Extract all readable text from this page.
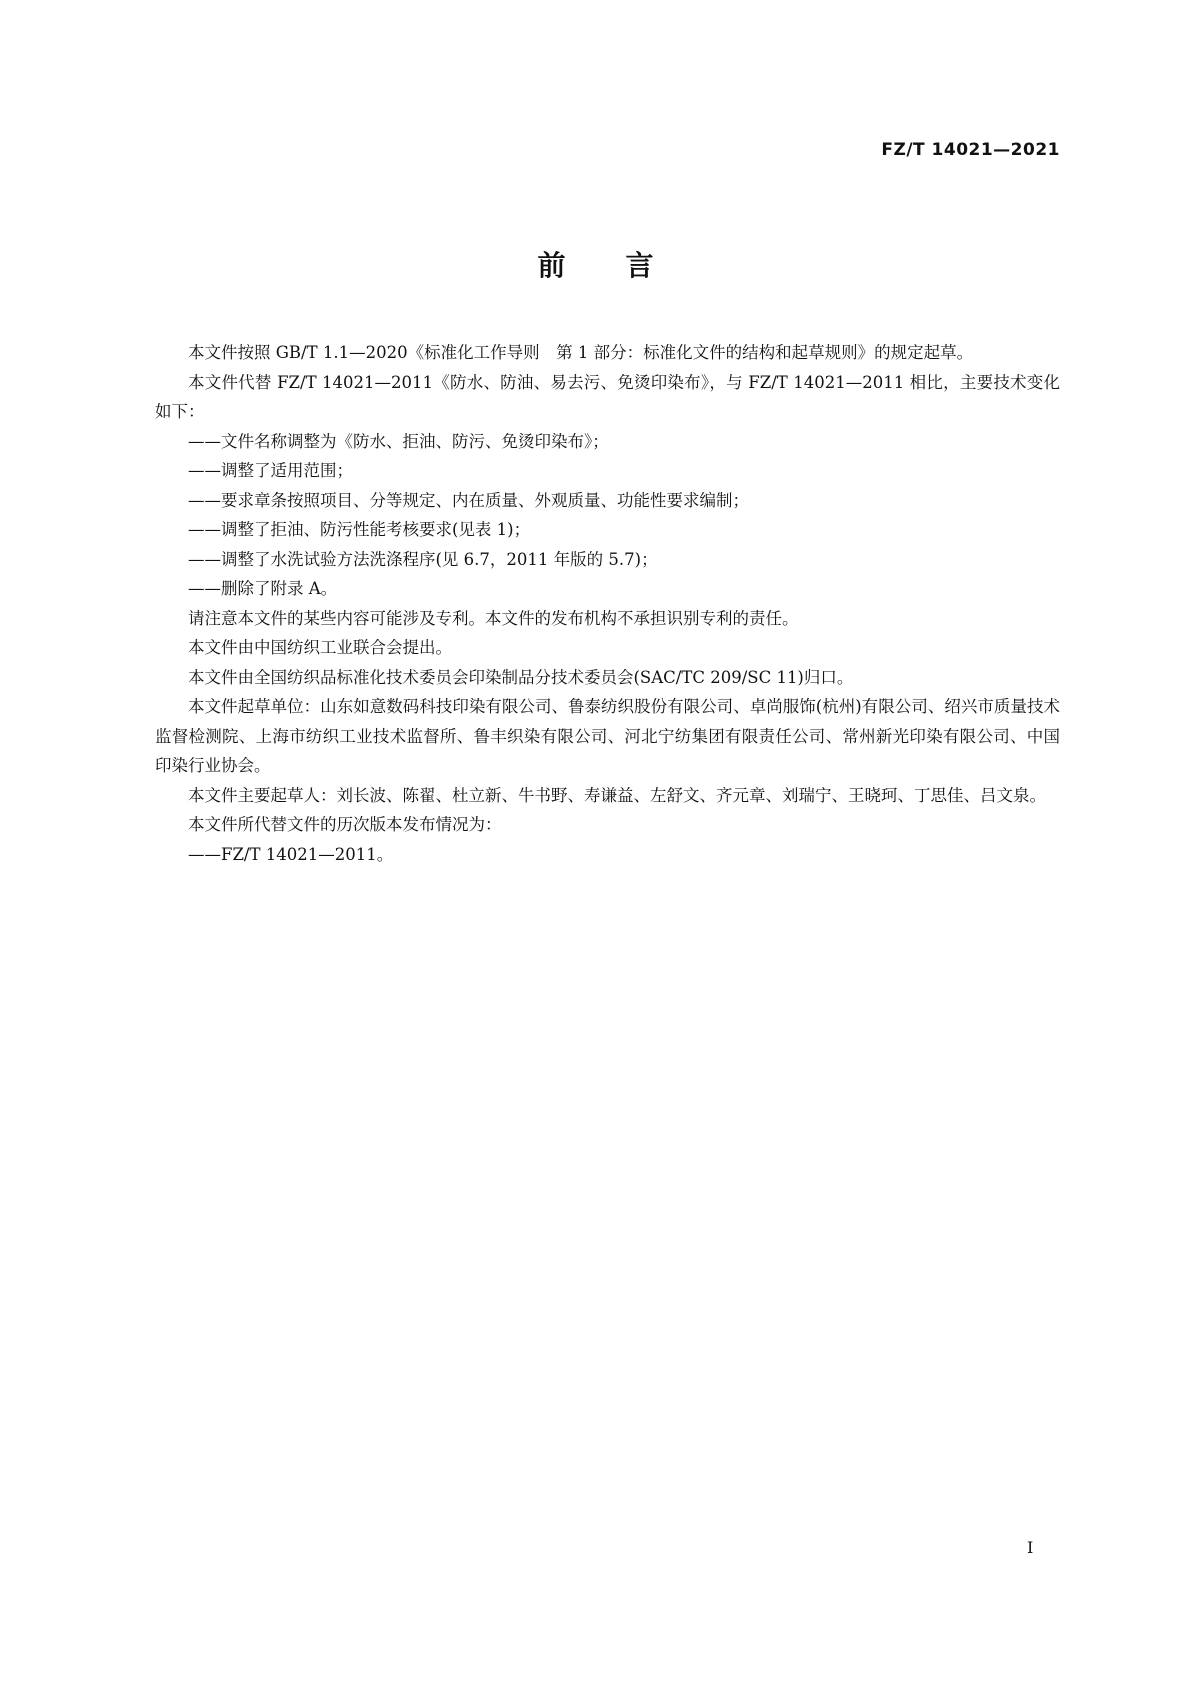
FZ/T 14021—2021
前言

本文件按照 GB/T 1.1—2020《标准化工作导则　第 1 部分：标准化文件的结构和起草规则》的规定起草。

本文件代替 FZ/T 14021—2011《防水、防油、易去污、免烫印染布》，与 FZ/T 14021—2011 相比，主要技术变化如下：

——文件名称调整为《防水、拒油、防污、免烫印染布》；

——调整了适用范围；

——要求章条按照项目、分等规定、内在质量、外观质量、功能性要求编制；

——调整了拒油、防污性能考核要求(见表 1)；

——调整了水洗试验方法洗涤程序(见 6.7，2011 年版的 5.7)；

——删除了附录 A。

请注意本文件的某些内容可能涉及专利。本文件的发布机构不承担识别专利的责任。

本文件由中国纺织工业联合会提出。

本文件由全国纺织品标准化技术委员会印染制品分技术委员会(SAC/TC 209/SC 11)归口。

本文件起草单位：山东如意数码科技印染有限公司、鲁泰纺织股份有限公司、卓尚服饰(杭州)有限公司、绍兴市质量技术监督检测院、上海市纺织工业技术监督所、鲁丰织染有限公司、河北宁纺集团有限责任公司、常州新光印染有限公司、中国印染行业协会。

本文件主要起草人：刘长波、陈翟、杜立新、牛书野、寿谦益、左舒文、齐元章、刘瑞宁、王晓珂、丁思佳、吕文泉。

本文件所代替文件的历次版本发布情况为：

——FZ/T 14021—2011。

I
